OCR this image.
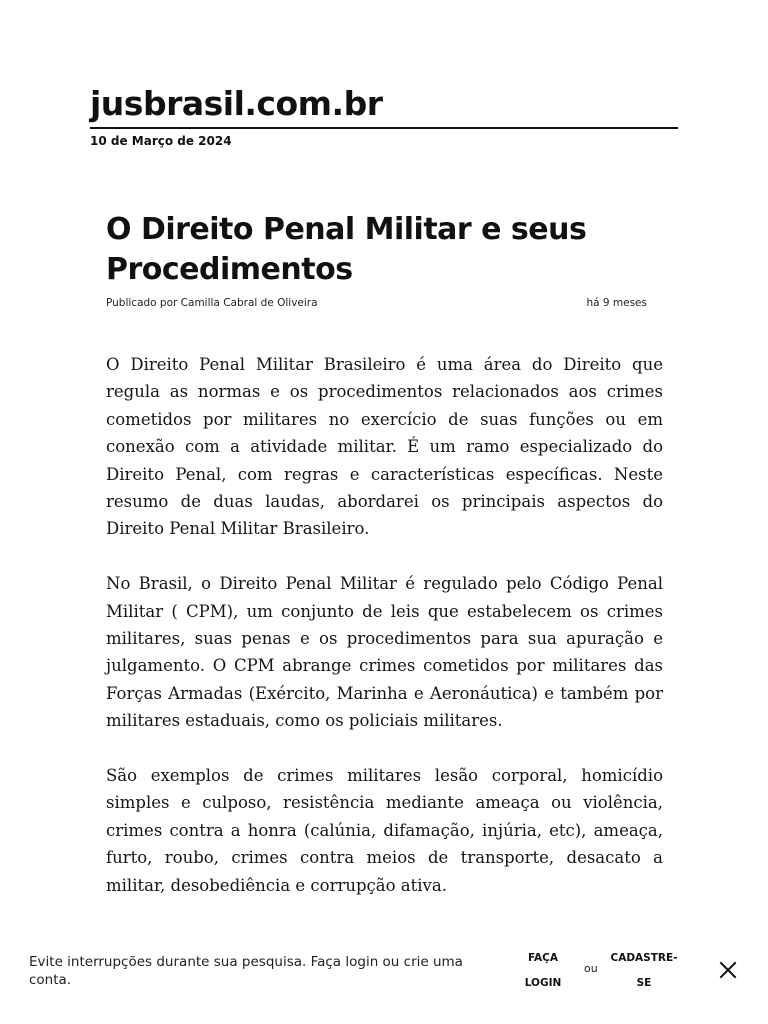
jusbrasil.com.br
10 de Março de 2024
O Direito Penal Militar e seus Procedimentos
Publicado por Camilla Cabral de Oliveira	há 9 meses

O Direito Penal Militar Brasileiro é uma área do Direito que regula as normas e os procedimentos relacionados aos crimes cometidos por militares no exercício de suas funções ou em conexão com a atividade militar. É um ramo especializado do Direito Penal, com regras e características específicas. Neste resumo de duas laudas, abordarei os principais aspectos do Direito Penal Militar Brasileiro.

No Brasil, o Direito Penal Militar é regulado pelo Código Penal Militar ( CPM), um conjunto de leis que estabelecem os crimes militares, suas penas e os procedimentos para sua apuração e julgamento. O CPM abrange crimes cometidos por militares das Forças Armadas (Exército, Marinha e Aeronáutica) e também por militares estaduais, como os policiais militares.

São exemplos de crimes militares lesão corporal, homicídio simples e culposo, resistência mediante ameaça ou violência, crimes contra a honra (calúnia, difamação, injúria, etc), ameaça, furto, roubo, crimes contra meios de transporte, desacato a militar, desobediência e corrupção ativa.

Evite interrupções durante sua pesquisa. Faça login ou crie uma conta.
FAÇA
LOGIN
ou
CADASTRE-
SE
